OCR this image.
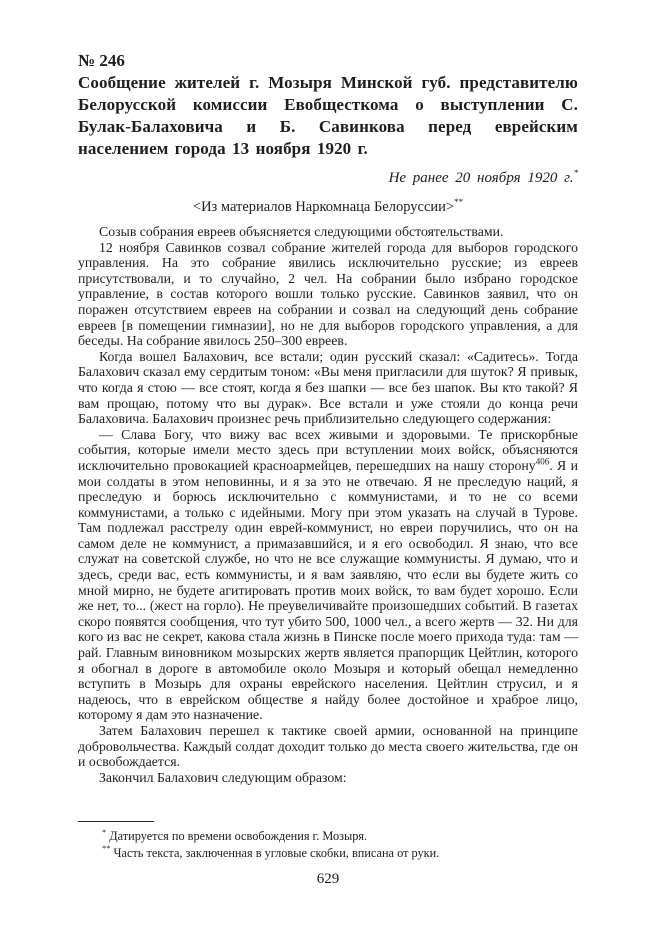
№ 246
Сообщение жителей г. Мозыря Минской губ. представителю Белорусской комиссии Евобщесткома о выступлении С. Булак-Балаховича и Б. Савинкова перед еврейским населением города 13 ноября 1920 г.
Не ранее 20 ноября 1920 г.*
<Из материалов Наркомнаца Белоруссии>**

Созыв собрания евреев объясняется следующими обстоятельствами.

12 ноября Савинков созвал собрание жителей города для выборов городского управления. На это собрание явились исключительно русские; из евреев присутствовали, и то случайно, 2 чел. На собрании было избрано городское управление, в состав которого вошли только русские. Савинков заявил, что он поражен отсутствием евреев на собрании и созвал на следующий день собрание евреев [в помещении гимназии], но не для выборов городского управления, а для беседы. На собрание явилось 250–300 евреев.

Когда вошел Балахович, все встали; один русский сказал: «Садитесь». Тогда Балахович сказал ему сердитым тоном: «Вы меня пригласили для шуток? Я привык, что когда я стою — все стоят, когда я без шапки — все без шапок. Вы кто такой? Я вам прощаю, потому что вы дурак». Все встали и уже стояли до конца речи Балаховича. Балахович произнес речь приблизительно следующего содержания:

— Слава Богу, что вижу вас всех живыми и здоровыми. Те прискорбные события, которые имели место здесь при вступлении моих войск, объясняются исключительно провокацией красноармейцев, перешедших на нашу сторону$^{406}$. Я и мои солдаты в этом неповинны, и я за это не отвечаю. Я не преследую наций, я преследую и борюсь исключительно с коммунистами, и то не со всеми коммунистами, а только с идейными. Могу при этом указать на случай в Турове. Там подлежал расстрелу один еврей-коммунист, но евреи поручились, что он на самом деле не коммунист, а примазавшийся, и я его освободил. Я знаю, что все служат на советской службе, но что не все служащие коммунисты. Я думаю, что и здесь, среди вас, есть коммунисты, и я вам заявляю, что если вы будете жить со мной мирно, не будете агитировать против моих войск, то вам будет хорошо. Если же нет, то... (жест на горло). Не преувеличивайте произошедших событий. В газетах скоро появятся сообщения, что тут убито 500, 1000 чел., а всего жертв — 32. Ни для кого из вас не секрет, какова стала жизнь в Пинске после моего прихода туда: там — рай. Главным виновником мозырских жертв является прапорщик Цейтлин, которого я обогнал в дороге в автомобиле около Мозыря и который обещал немедленно вступить в Мозырь для охраны еврейского населения. Цейтлин струсил, и я надеюсь, что в еврейском обществе я найду более достойное и храброе лицо, которому я дам это назначение.

Затем Балахович перешел к тактике своей армии, основанной на принципе добровольчества. Каждый солдат доходит только до места своего жительства, где он и освобождается.

Закончил Балахович следующим образом:

* Датируется по времени освобождения г. Мозыря.

** Часть текста, заключенная в угловые скобки, вписана от руки.

629
